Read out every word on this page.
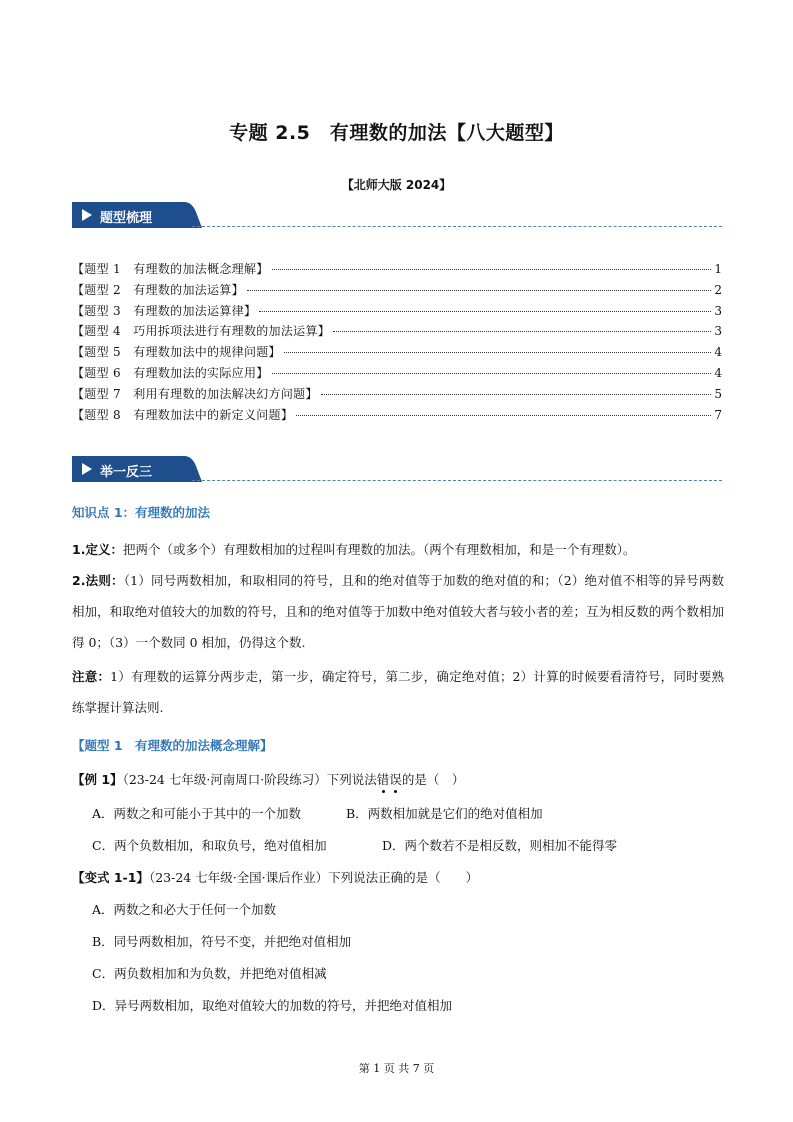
专题 2.5　有理数的加法【八大题型】
【北师大版 2024】
题型梳理
【题型 1　有理数的加法概念理解】	1
【题型 2　有理数的加法运算】	2
【题型 3　有理数的加法运算律】	3
【题型 4　巧用拆项法进行有理数的加法运算】	3
【题型 5　有理数加法中的规律问题】	4
【题型 6　有理数加法的实际应用】	4
【题型 7　利用有理数的加法解决幻方问题】	5
【题型 8　有理数加法中的新定义问题】	7
举一反三
知识点 1：有理数的加法
1.定义：把两个（或多个）有理数相加的过程叫有理数的加法。（两个有理数相加，和是一个有理数）。
2.法则：（1）同号两数相加，和取相同的符号，且和的绝对值等于加数的绝对值的和；（2）绝对值不相等的异号两数相加，和取绝对值较大的加数的符号，且和的绝对值等于加数中绝对值较大者与较小者的差；互为相反数的两个数相加得 0；（3）一个数同 0 相加，仍得这个数.
注意：1）有理数的运算分两步走，第一步，确定符号，第二步，确定绝对值；2）计算的时候要看清符号，同时要熟练掌握计算法则.
【题型 1　有理数的加法概念理解】
【例 1】（23-24 七年级·河南周口·阶段练习）下列说法错误的是（　）
A．两数之和可能小于其中的一个加数	B．两数相加就是它们的绝对值相加
C．两个负数相加，和取负号，绝对值相加	D．两个数若不是相反数，则相加不能得零
【变式 1-1】（23-24 七年级·全国·课后作业）下列说法正确的是（　　）
A．两数之和必大于任何一个加数
B．同号两数相加，符号不变，并把绝对值相加
C．两负数相加和为负数，并把绝对值相减
D．异号两数相加，取绝对值较大的加数的符号，并把绝对值相加
第 1 页 共 7 页
